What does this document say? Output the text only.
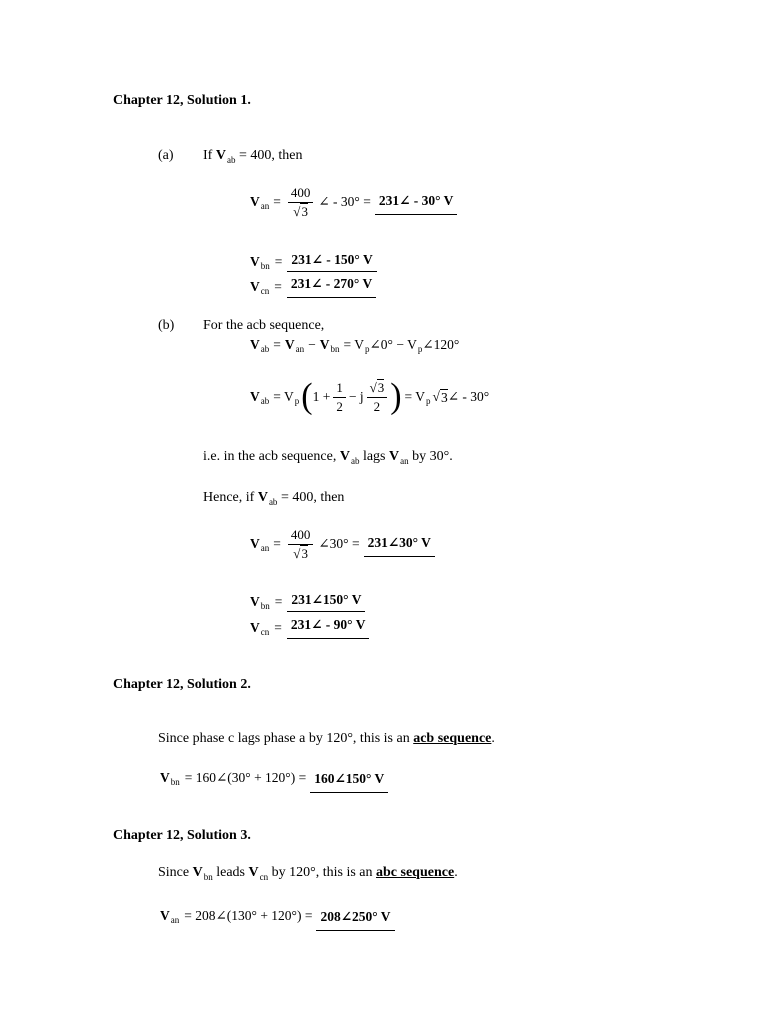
Chapter 12, Solution 1.
(a) If $V_{ab} = 400$, then
V an = $\frac{400}{√3}$ ∠ - 30° = 231∠ - 30° V
V bn = 231∠ - 150° V
V cn = 231∠ - 270° V
(b) For the acb sequence,
V ab = V an − V bn = V p ∠0° − V p ∠120°
V ab = V p ( $1 + \frac{1}{2} - j \frac{√3}{2}$ ) = V p √ 3 ∠ - 30°
i.e. in the acb sequence, $V_{ab}$ lags $V_{an}$ by 30°.
Hence, if $V_{ab} = 400$, then
V an = $\frac{400}{√3}$ ∠30° = 231∠30° V
V bn = 231∠150° V
V cn = 231∠ - 90° V
Chapter 12, Solution 2.
Since phase c lags phase a by 120°, this is an acb sequence.
V bn = 160∠(30° + 120°) = 160∠150° V
Chapter 12, Solution 3.
Since $V_{bn}$ leads $V_{cn}$ by 120°, this is an abc sequence.
V an = 208∠(130° + 120°) = 208∠250° V
